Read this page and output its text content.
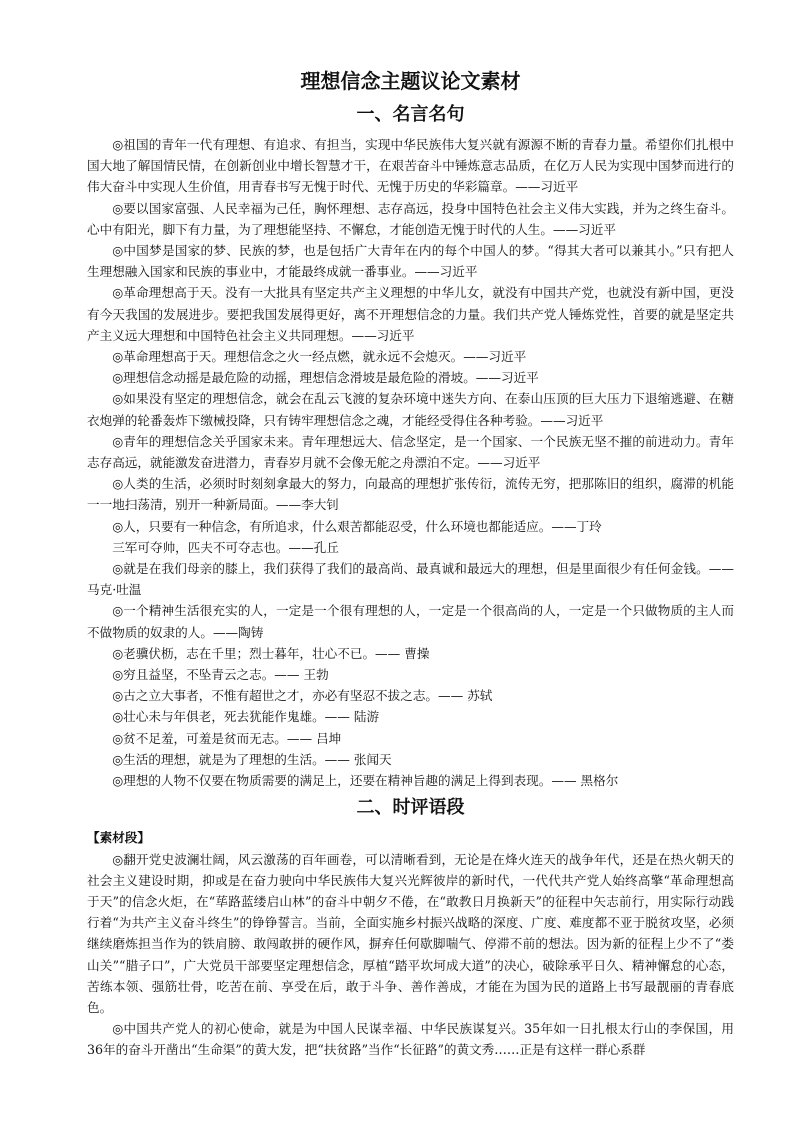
理想信念主题议论文素材
一、名言名句

◎祖国的青年一代有理想、有追求、有担当，实现中华民族伟大复兴就有源源不断的青春力量。希望你们扎根中国大地了解国情民情，在创新创业中增长智慧才干，在艰苦奋斗中锤炼意志品质，在亿万人民为实现中国梦而进行的伟大奋斗中实现人生价值，用青春书写无愧于时代、无愧于历史的华彩篇章。——习近平

◎要以国家富强、人民幸福为己任，胸怀理想、志存高远，投身中国特色社会主义伟大实践，并为之终生奋斗。心中有阳光，脚下有力量，为了理想能坚持、不懈怠，才能创造无愧于时代的人生。——习近平

◎中国梦是国家的梦、民族的梦，也是包括广大青年在内的每个中国人的梦。“得其大者可以兼其小。”只有把人生理想融入国家和民族的事业中，才能最终成就一番事业。——习近平

◎革命理想高于天。没有一大批具有坚定共产主义理想的中华儿女，就没有中国共产党，也就没有新中国，更没有今天我国的发展进步。要把我国发展得更好，离不开理想信念的力量。我们共产党人锤炼党性，首要的就是坚定共产主义远大理想和中国特色社会主义共同理想。——习近平

◎革命理想高于天。理想信念之火一经点燃，就永远不会熄灭。——习近平

◎理想信念动摇是最危险的动摇，理想信念滑坡是最危险的滑坡。——习近平

◎如果没有坚定的理想信念，就会在乱云飞渡的复杂环境中迷失方向、在泰山压顶的巨大压力下退缩逃避、在糖衣炮弹的轮番轰炸下缴械投降，只有铸牢理想信念之魂，才能经受得住各种考验。——习近平

◎青年的理想信念关乎国家未来。青年理想远大、信念坚定，是一个国家、一个民族无坚不摧的前进动力。青年志存高远，就能激发奋进潜力，青春岁月就不会像无舵之舟漂泊不定。——习近平

◎人类的生活，必须时时刻刻拿最大的努力，向最高的理想扩张传衍，流传无穷，把那陈旧的组织，腐滞的机能一一地扫荡清，别开一种新局面。——李大钊

◎人，只要有一种信念，有所追求，什么艰苦都能忍受，什么环境也都能适应。——丁玲

三军可夺帅，匹夫不可夺志也。——孔丘

◎就是在我们母亲的膝上，我们获得了我们的最高尚、最真诚和最远大的理想，但是里面很少有任何金钱。——马克·吐温

◎一个精神生活很充实的人，一定是一个很有理想的人，一定是一个很高尚的人，一定是一个只做物质的主人而不做物质的奴隶的人。——陶铸

◎老骥伏枥，志在千里；烈士暮年，壮心不已。—— 曹操

◎穷且益坚，不坠青云之志。—— 王勃

◎古之立大事者，不惟有超世之才，亦必有坚忍不拔之志。—— 苏轼

◎壮心未与年俱老，死去犹能作鬼雄。—— 陆游

◎贫不足羞，可羞是贫而无志。—— 吕坤

◎生活的理想，就是为了理想的生活。—— 张闻天

◎理想的人物不仅要在物质需要的满足上，还要在精神旨趣的满足上得到表现。—— 黑格尔

二、时评语段

【素材段】

◎翻开党史波澜壮阔，风云激荡的百年画卷，可以清晰看到，无论是在烽火连天的战争年代，还是在热火朝天的社会主义建设时期，抑或是在奋力驶向中华民族伟大复兴光辉彼岸的新时代，一代代共产党人始终高擎“革命理想高于天”的信念火炬，在“荜路蓝缕启山林”的奋斗中朝夕不倦，在“敢教日月换新天”的征程中矢志前行，用实际行动践行着“为共产主义奋斗终生”的铮铮誓言。当前，全面实施乡村振兴战略的深度、广度、难度都不亚于脱贫攻坚，必须继续磨炼担当作为的铁肩膀、敢闯敢拼的硬作风，摒弃任何歇脚喘气、停滞不前的想法。因为新的征程上少不了“娄山关”“腊子口”，广大党员干部要坚定理想信念，厚植“踏平坎坷成大道”的决心，破除承平日久、精神懈怠的心态，苦练本领、强筋壮骨，吃苦在前、享受在后，敢于斗争、善作善成，才能在为国为民的道路上书写最靓丽的青春底色。

◎中国共产党人的初心使命，就是为中国人民谋幸福、中华民族谋复兴。35年如一日扎根太行山的李保国，用36年的奋斗开凿出“生命渠”的黄大发，把“扶贫路”当作“长征路”的黄文秀……正是有这样一群心系群
